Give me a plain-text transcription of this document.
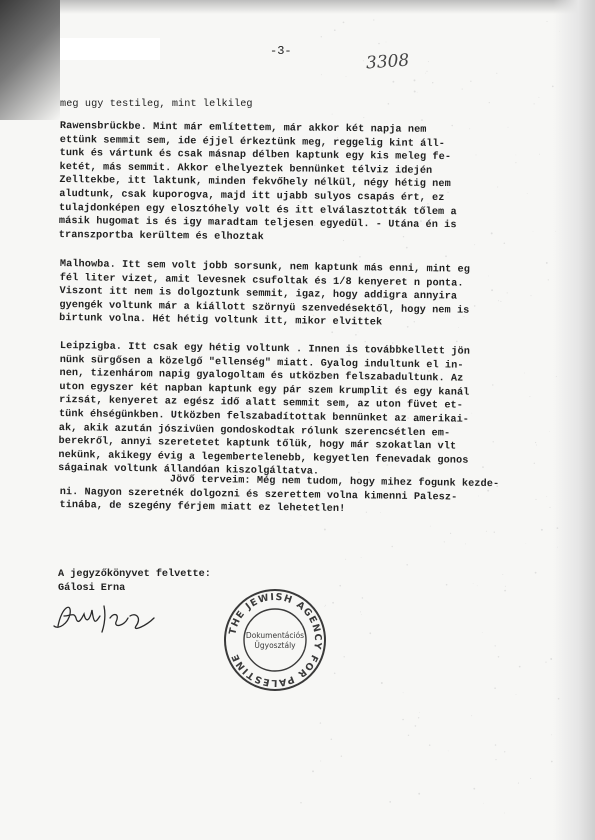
-3-	3308
meg ugy testileg, mint lelkileg
Rawensbrückbe. Mint már említettem, már akkor két napja nem
ettünk semmit sem, ide éjjel érkeztünk meg, reggelig kint áll-
tunk és vártunk és csak másnap délben kaptunk egy kis meleg fe-
ketét, más semmit. Akkor elhelyeztek bennünket télviz idején
Zelltekbe, itt laktunk, minden fekvőhely nélkül, négy hétig nem
aludtunk, csak kuporogva, majd itt ujabb sulyos csapás ért, ez
tulajdonképen egy elosztóhely volt és itt elválasztották tőlem a
másik hugomat is és igy maradtam teljesen egyedül. - Utána én is
transzportba kerültem és elhoztak
Malhowba. Itt sem volt jobb sorsunk, nem kaptunk más enni, mint eg
fél liter vizet, amit levesnek csufoltak és 1/8 kenyeret n ponta.
Viszont itt nem is dolgoztunk semmit, igaz, hogy addigra annyira
gyengék voltunk már a kiállott szörnyü szenvedésektől, hogy nem is
birtunk volna. Hét hétig voltunk itt, mikor elvittek
Leipzigba. Itt csak egy hétig voltunk . Innen is továbbkellett jön
nünk sürgősen a közelgő "ellenség" miatt. Gyalog indultunk el in-
nen, tizenhárom napig gyalogoltam és utközben felszabadultunk. Az
uton egyszer két napban kaptunk egy pár szem krumplit és egy kanál
rizsát, kenyeret az egész idő alatt semmit sem, az uton füvet et-
tünk éhségünkben. Utközben felszabadítottak bennünket az amerikai-
ak, akik azután jószivüen gondoskodtak rólunk szerencsétlen em-
berekről, annyi szeretetet kaptunk tőlük, hogy már szokatlan vlt
nekünk, akikegy évig a legembertelenebb, kegyetlen fenevadak gonos
ságainak voltunk állandóan kiszolgáltatva.
Jövő terveim: Még nem tudom, hogy mihez fogunk kezde-
ni. Nagyon szeretnék dolgozni és szerettem volna kimenni Palesz-
tinába, de szegény férjem miatt ez lehetetlen!
A jegyzőkönyvet felvette:
Gálosi Erna
THE JEWISH AGENCY FOR PALESTINE
Dokumentációs
Ügyosztály
